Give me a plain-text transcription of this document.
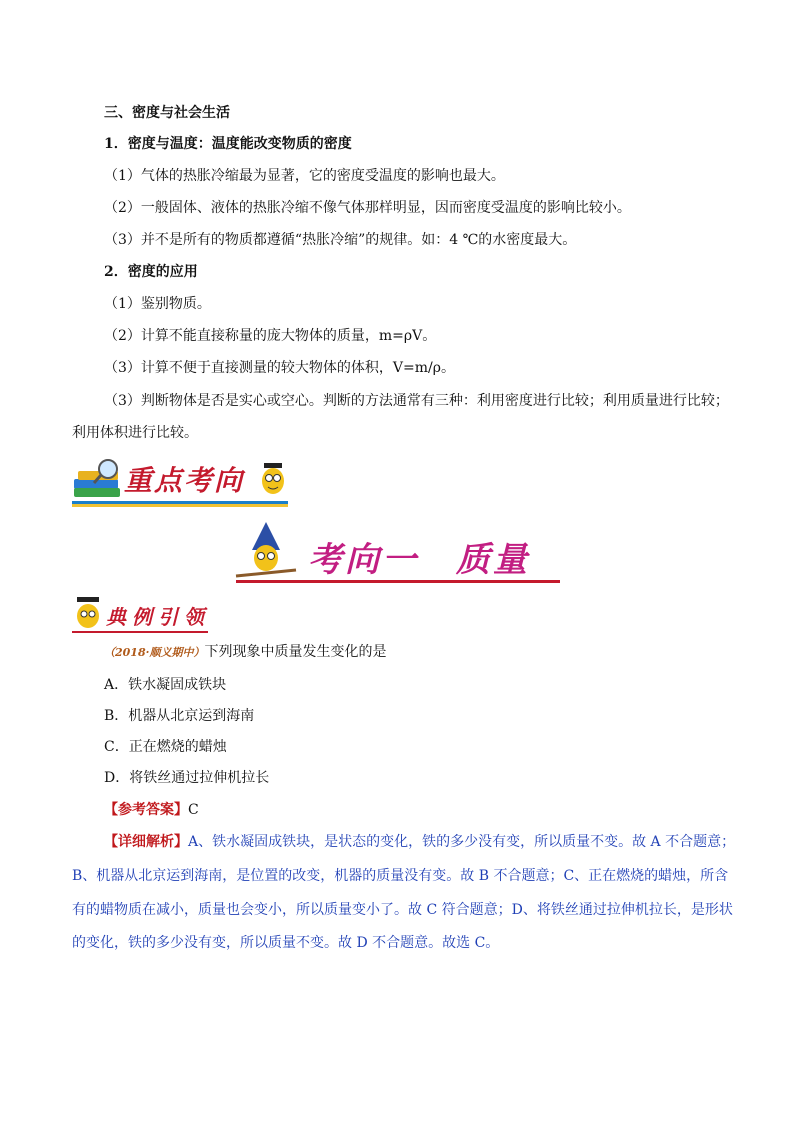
三、密度与社会生活
1．密度与温度：温度能改变物质的密度
（1）气体的热胀冷缩最为显著，它的密度受温度的影响也最大。
（2）一般固体、液体的热胀冷缩不像气体那样明显，因而密度受温度的影响比较小。
（3）并不是所有的物质都遵循“热胀冷缩”的规律。如：4 ℃的水密度最大。
2．密度的应用
（1）鉴别物质。
（2）计算不能直接称量的庞大物体的质量，m=ρV。
（3）计算不便于直接测量的较大物体的体积，V=m/ρ。
（3）判断物体是否是实心或空心。判断的方法通常有三种：利用密度进行比较；利用质量进行比较；
利用体积进行比较。
重点考向
考向一　质量
典例引领
（2018·顺义期中）下列现象中质量发生变化的是
A．铁水凝固成铁块
B．机器从北京运到海南
C．正在燃烧的蜡烛
D．将铁丝通过拉伸机拉长
【参考答案】C
【详细解析】A、铁水凝固成铁块，是状态的变化，铁的多少没有变，所以质量不变。故 A 不合题意；
B、机器从北京运到海南，是位置的改变，机器的质量没有变。故 B 不合题意；C、正在燃烧的蜡烛，所含
有的蜡物质在减小，质量也会变小，所以质量变小了。故 C 符合题意；D、将铁丝通过拉伸机拉长，是形状
的变化，铁的多少没有变，所以质量不变。故 D 不合题意。故选 C。
